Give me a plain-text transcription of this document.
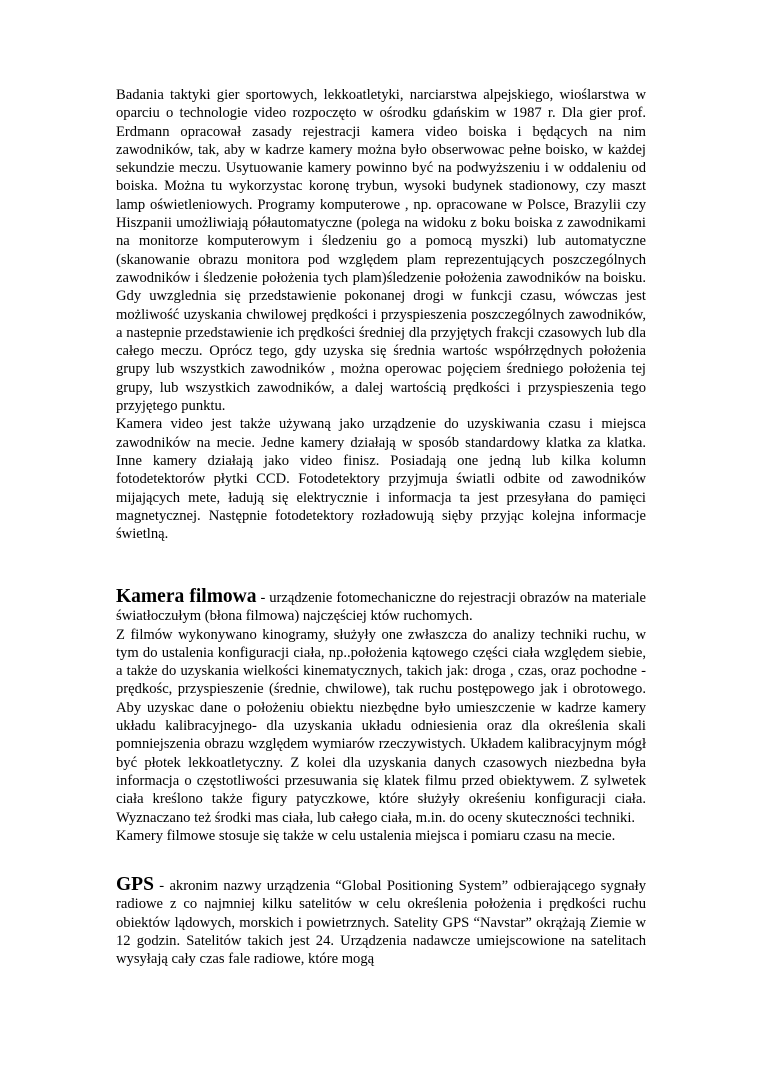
Badania taktyki gier sportowych, lekkoatletyki, narciarstwa alpejskiego, wioślarstwa w oparciu o technologie video rozpoczęto w ośrodku gdańskim w 1987 r. Dla gier prof. Erdmann opracował zasady rejestracji kamera video boiska i będących na nim zawodników, tak, aby w kadrze kamery można było obserwowac pełne boisko, w każdej sekundzie meczu. Usytuowanie kamery powinno być na podwyższeniu i w oddaleniu od boiska. Można tu wykorzystac koronę trybun, wysoki budynek stadionowy, czy maszt lamp oświetleniowych. Programy komputerowe , np. opracowane w Polsce, Brazylii czy Hiszpanii umożliwiają półautomatyczne (polega na widoku z boku boiska z zawodnikami na monitorze komputerowym i śledzeniu go a pomocą myszki) lub automatyczne (skanowanie obrazu monitora pod względem plam reprezentujących poszczególnych zawodników i śledzenie położenia tych plam)śledzenie położenia zawodników na boisku. Gdy uwzglednia się przedstawienie pokonanej drogi w funkcji czasu, wówczas jest możliwość uzyskania chwilowej prędkości i przyspieszenia poszczególnych zawodników, a nastepnie przedstawienie ich prędkości średniej dla przyjętych frakcji czasowych lub dla całego meczu. Oprócz tego, gdy uzyska się średnia wartośc współrzędnych położenia grupy lub wszystkich zawodników , można operowac pojęciem średniego położenia tej grupy, lub wszystkich zawodników, a dalej wartością prędkości i przyspieszenia tego przyjętego punktu.

Kamera video jest także używaną jako urządzenie do uzyskiwania czasu i miejsca zawodników na mecie. Jedne kamery działają w sposób standardowy klatka za klatka. Inne kamery działają jako video finisz. Posiadają one jedną lub kilka kolumn fotodetektorów płytki CCD. Fotodetektory przyjmuja światli odbite od zawodników mijających mete, ładują się elektrycznie i informacja ta jest przesyłana do pamięci magnetycznej. Następnie fotodetektory rozładowują sięby przyjąc kolejna informacje świetlną.

Kamera filmowa - urządzenie fotomechaniczne do rejestracji obrazów na materiale światłoczułym (błona filmowa) najczęściej któw ruchomych.

Z filmów wykonywano kinogramy, służyły one zwłaszcza do analizy techniki ruchu, w tym do ustalenia konfiguracji ciała, np..położenia kątowego części ciała względem siebie, a także do uzyskania wielkości kinematycznych, takich jak: droga , czas, oraz pochodne - prędkośc, przyspieszenie (średnie, chwilowe), tak ruchu postępowego jak i obrotowego. Aby uzyskac dane o położeniu obiektu niezbędne było umieszczenie w kadrze kamery układu kalibracyjnego- dla uzyskania układu odniesienia oraz dla określenia skali pomniejszenia obrazu względem wymiarów rzeczywistych. Układem kalibracyjnym mógł być płotek lekkoatletyczny. Z kolei dla uzyskania danych czasowych niezbedna była informacja o częstotliwości przesuwania się klatek filmu przed obiektywem. Z sylwetek ciała kreślono także figury patyczkowe, które służyły okreśeniu konfiguracji ciała. Wyznaczano też środki mas ciała, lub całego ciała, m.in. do oceny skuteczności techniki.

Kamery filmowe stosuje się także w celu ustalenia miejsca i pomiaru czasu na mecie.

GPS - akronim nazwy urządzenia “Global Positioning System” odbierającego sygnały radiowe z co najmniej kilku satelitów w celu określenia położenia i prędkości ruchu obiektów lądowych, morskich i powietrznych. Satelity GPS “Navstar” okrążają Ziemie w 12 godzin. Satelitów takich jest 24. Urządzenia nadawcze umiejscowione na satelitach wysyłają cały czas fale radiowe, które mogą
